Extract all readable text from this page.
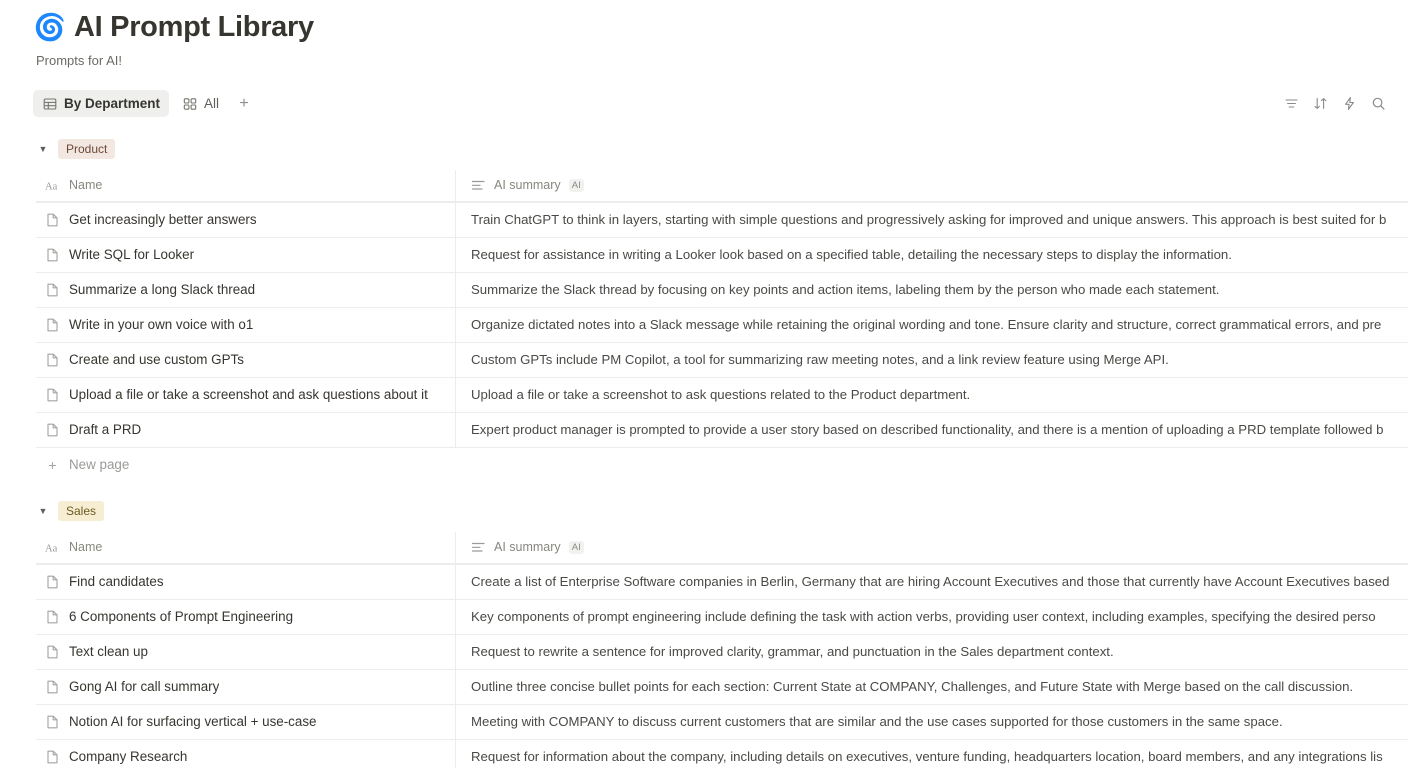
🌀 AI Prompt Library
Prompts for AI!
By Department	All	+
▼	Product
Aa Name	AI summary	AI
Get increasingly better answers	Train ChatGPT to think in layers, starting with simple questions and progressively asking for improved and unique answers. This approach is best suited for b
Write SQL for Looker	Request for assistance in writing a Looker look based on a specified table, detailing the necessary steps to display the information.
Summarize a long Slack thread	Summarize the Slack thread by focusing on key points and action items, labeling them by the person who made each statement.
Write in your own voice with o1	Organize dictated notes into a Slack message while retaining the original wording and tone. Ensure clarity and structure, correct grammatical errors, and pre
Create and use custom GPTs	Custom GPTs include PM Copilot, a tool for summarizing raw meeting notes, and a link review feature using Merge API.
Upload a file or take a screenshot and ask questions about it	Upload a file or take a screenshot to ask questions related to the Product department.
Draft a PRD	Expert product manager is prompted to provide a user story based on described functionality, and there is a mention of uploading a PRD template followed b
+ New page
▼	Sales
Aa Name	AI summary	AI
Find candidates	Create a list of Enterprise Software companies in Berlin, Germany that are hiring Account Executives and those that currently have Account Executives based
6 Components of Prompt Engineering	Key components of prompt engineering include defining the task with action verbs, providing user context, including examples, specifying the desired perso
Text clean up	Request to rewrite a sentence for improved clarity, grammar, and punctuation in the Sales department context.
Gong AI for call summary	Outline three concise bullet points for each section: Current State at COMPANY, Challenges, and Future State with Merge based on the call discussion.
Notion AI for surfacing vertical + use-case	Meeting with COMPANY to discuss current customers that are similar and the use cases supported for those customers in the same space.
Company Research	Request for information about the company, including details on executives, venture funding, headquarters location, board members, and any integrations lis
